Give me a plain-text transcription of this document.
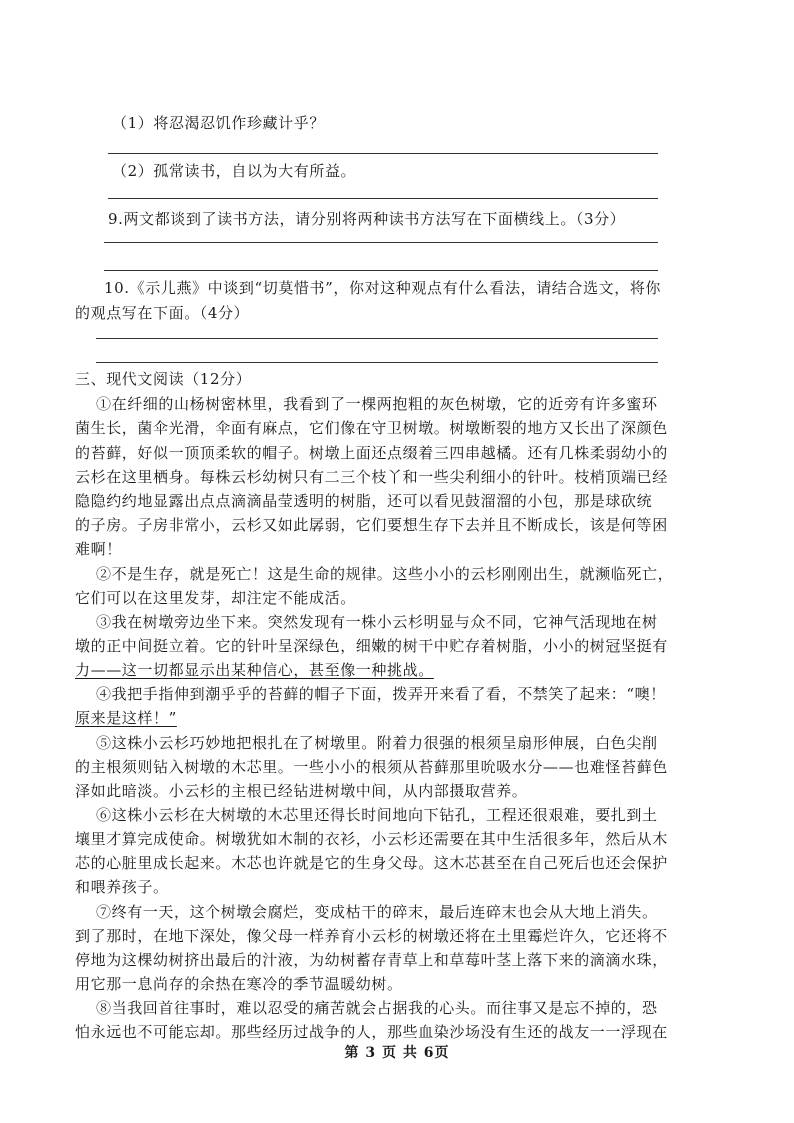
（1）将忍渴忍饥作珍藏计乎？
（2）孤常读书，自以为大有所益。
9.两文都谈到了读书方法，请分别将两种读书方法写在下面横线上。（3分）
10.《示儿燕》中谈到“切莫惜书”，你对这种观点有什么看法，请结合选文，将你
的观点写在下面。（4分）
三、现代文阅读（12分）
①在纤细的山杨树密林里，我看到了一棵两抱粗的灰色树墩，它的近旁有许多蜜环
菌生长，菌伞光滑，伞面有麻点，它们像在守卫树墩。树墩断裂的地方又长出了深颜色
的苔藓，好似一顶顶柔软的帽子。树墩上面还点缀着三四串越橘。还有几株柔弱幼小的
云杉在这里栖身。每株云杉幼树只有二三个枝丫和一些尖利细小的针叶。枝梢顶端已经
隐隐约约地显露出点点滴滴晶莹透明的树脂，还可以看见鼓溜溜的小包，那是球砍统
的子房。子房非常小，云杉又如此孱弱，它们要想生存下去并且不断成长，该是何等困
难啊！
②不是生存，就是死亡！这是生命的规律。这些小小的云杉刚刚出生，就濒临死亡，
它们可以在这里发芽，却注定不能成活。
③我在树墩旁边坐下来。突然发现有一株小云杉明显与众不同，它神气活现地在树
墩的正中间挺立着。它的针叶呈深绿色，细嫩的树干中贮存着树脂，小小的树冠坚挺有
力——这一切都显示出某种信心，甚至像一种挑战。
④我把手指伸到潮乎乎的苔藓的帽子下面，拨弄开来看了看，不禁笑了起来：“噢！
原来是这样！”
⑤这株小云杉巧妙地把根扎在了树墩里。附着力很强的根须呈扇形伸展，白色尖削
的主根须则钻入树墩的木芯里。一些小小的根须从苔藓那里吮吸水分——也难怪苔藓色
泽如此暗淡。小云杉的主根已经钻进树墩中间，从内部摄取营养。
⑥这株小云杉在大树墩的木芯里还得长时间地向下钻孔，工程还很艰难，要扎到土
壤里才算完成使命。树墩犹如木制的衣衫，小云杉还需要在其中生活很多年，然后从木
芯的心脏里成长起来。木芯也许就是它的生身父母。这木芯甚至在自己死后也还会保护
和喂养孩子。
⑦终有一天，这个树墩会腐烂，变成枯干的碎末，最后连碎末也会从大地上消失。
到了那时，在地下深处，像父母一样养育小云杉的树墩还将在土里霉烂许久，它还将不
停地为这棵幼树挤出最后的汁液，为幼树蓄存青草上和草莓叶茎上落下来的滴滴水珠，
用它那一息尚存的余热在寒冷的季节温暖幼树。
⑧当我回首往事时，难以忍受的痛苦就会占据我的心头。而往事又是忘不掉的，恐
怕永远也不可能忘却。那些经历过战争的人，那些血染沙场没有生还的战友一一浮现在
第 3 页 共 6页
